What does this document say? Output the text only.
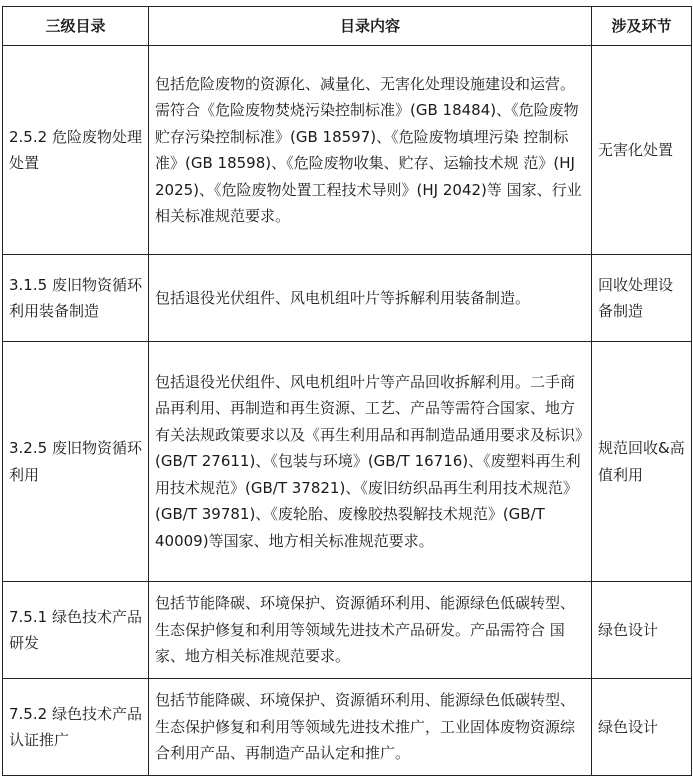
三级目录	目录内容	涉及环节
2.5.2 危险废物处理处置	包括危险废物的资源化、减量化、无害化处理设施建设和运营。需符合《危险废物焚烧污染控制标准》(GB 18484)、《危险废物贮存污染控制标准》(GB 18597)、《危险废物填埋污染 控制标准》(GB 18598)、《危险废物收集、贮存、运输技术规 范》(HJ 2025)、《危险废物处置工程技术导则》(HJ 2042)等 国家、行业相关标准规范要求。	无害化处置
3.1.5 废旧物资循环利用装备制造	包括退役光伏组件、风电机组叶片等拆解利用装备制造。	回收处理设备制造
3.2.5 废旧物资循环利用	包括退役光伏组件、风电机组叶片等产品回收拆解利用。二手商品再利用、再制造和再生资源、工艺、产品等需符合国家、地方有关法规政策要求以及《再生利用品和再制造品通用要求及标识》(GB/T 27611)、《包装与环境》(GB/T 16716)、《废塑料再生利用技术规范》(GB/T 37821)、《废旧纺织品再生利用技术规范》(GB/T 39781)、《废轮胎、废橡胶热裂解技术规范》(GB/T 40009)等国家、地方相关标准规范要求。	规范回收&高值利用
7.5.1 绿色技术产品研发	包括节能降碳、环境保护、资源循环利用、能源绿色低碳转型、生态保护修复和利用等领域先进技术产品研发。产品需符合 国家、地方相关标准规范要求。	绿色设计
7.5.2 绿色技术产品认证推广	包括节能降碳、环境保护、资源循环利用、能源绿色低碳转型、生态保护修复和利用等领域先进技术推广，工业固体废物资源综合利用产品、再制造产品认定和推广。	绿色设计
